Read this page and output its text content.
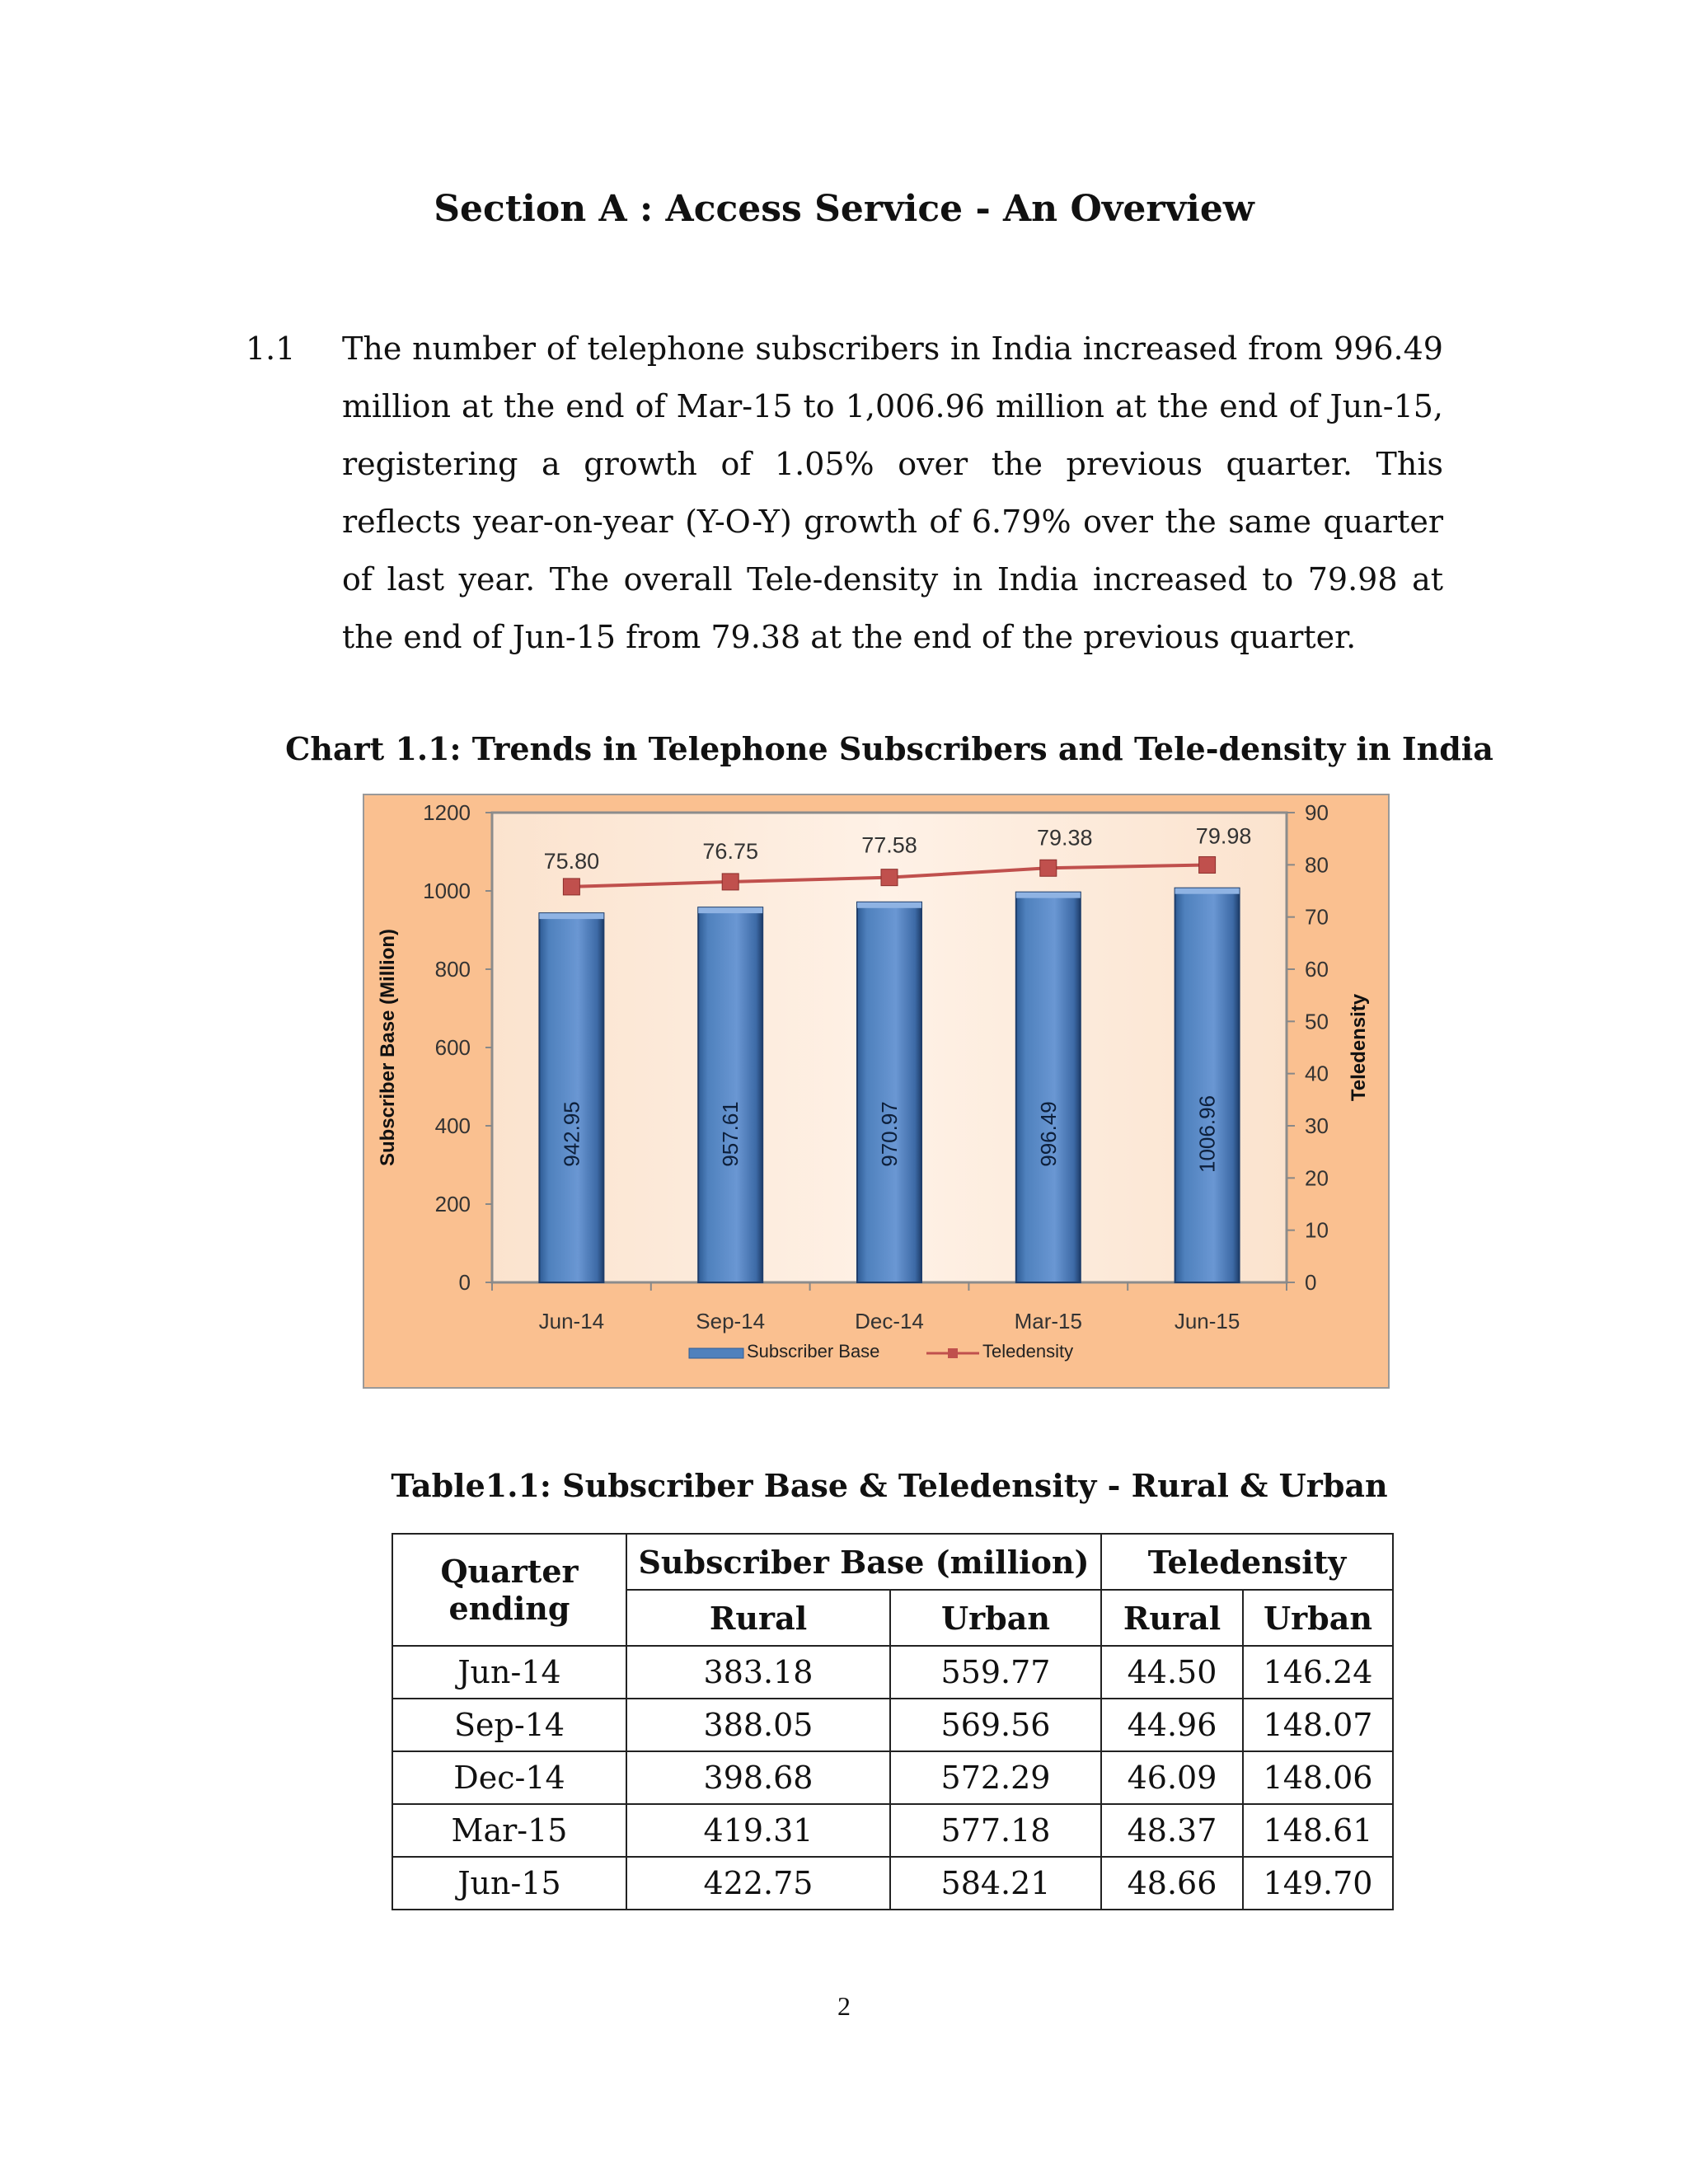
Section A : Access Service - An Overview
1.1 The number of telephone subscribers in India increased from 996.49 million at the end of Mar-15 to 1,006.96 million at the end of Jun-15, registering a growth of 1.05% over the previous quarter. This reflects year-on-year (Y-O-Y) growth of 6.79% over the same quarter of last year. The overall Tele-density in India increased to 79.98 at the end of Jun-15 from 79.38 at the end of the previous quarter.

Chart 1.1: Trends in Telephone Subscribers and Tele-density in India
0
200
400
600
800
1000
1200
0
10
20
30
40
50
60
70
80
90
Jun-14	Sep-14	Dec-14	Mar-15	Jun-15
942.95	957.61	970.97	996.49	1006.96
75.80	76.75	77.58	79.38	79.98
Subscriber Base (Million)	Teledensity
Subscriber Base	Teledensity
Table1.1: Subscriber Base & Teledensity - Rural & Urban
Quarter ending	Subscriber Base (million)		Teledensity	
	Rural	Urban	Rural	Urban
Jun-14	383.18	559.77	44.50	146.24
Sep-14	388.05	569.56	44.96	148.07
Dec-14	398.68	572.29	46.09	148.06
Mar-15	419.31	577.18	48.37	148.61
Jun-15	422.75	584.21	48.66	149.70
2
